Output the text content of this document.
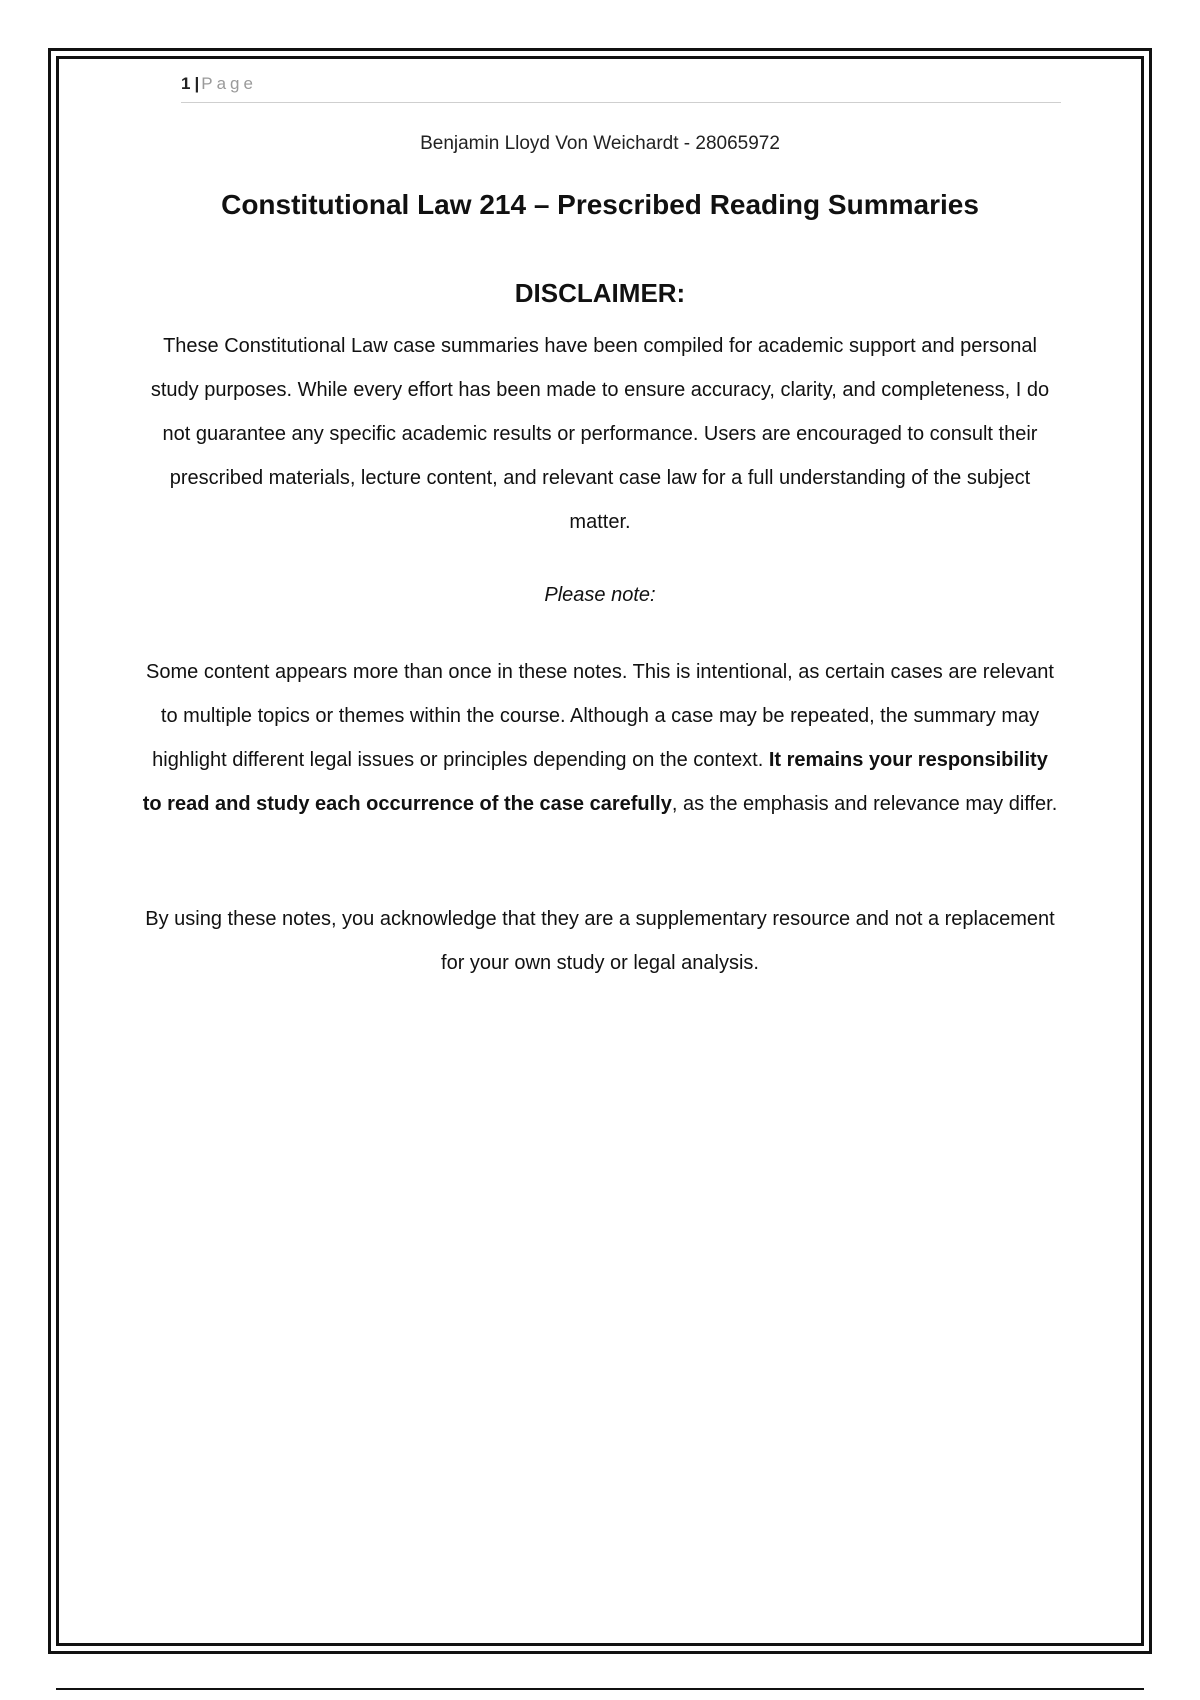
1 | Page
Benjamin Lloyd Von Weichardt - 28065972
Constitutional Law 214 – Prescribed Reading Summaries
DISCLAIMER:
These Constitutional Law case summaries have been compiled for academic support and personal study purposes. While every effort has been made to ensure accuracy, clarity, and completeness, I do not guarantee any specific academic results or performance. Users are encouraged to consult their prescribed materials, lecture content, and relevant case law for a full understanding of the subject matter.
Please note:
Some content appears more than once in these notes. This is intentional, as certain cases are relevant to multiple topics or themes within the course. Although a case may be repeated, the summary may highlight different legal issues or principles depending on the context. It remains your responsibility to read and study each occurrence of the case carefully, as the emphasis and relevance may differ.
By using these notes, you acknowledge that they are a supplementary resource and not a replacement for your own study or legal analysis.
